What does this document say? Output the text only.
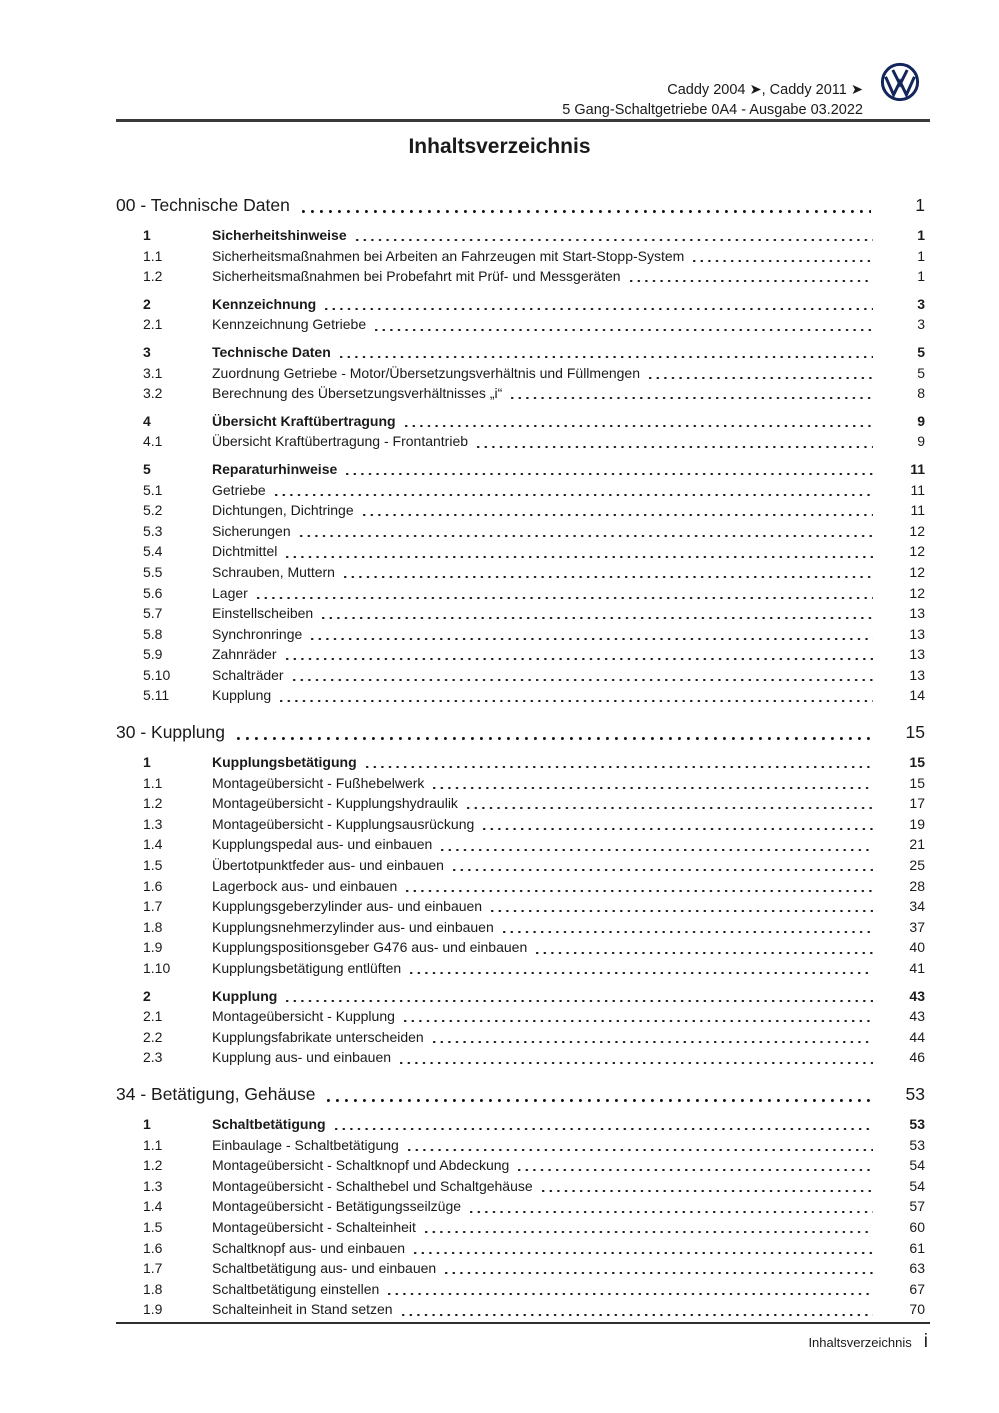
Caddy 2004 ➤, Caddy 2011 ➤
5 Gang-Schaltgetriebe 0A4 - Ausgabe 03.2022
Inhaltsverzeichnis
00 - Technische Daten	1
1	Sicherheitshinweise	1
1.1	Sicherheitsmaßnahmen bei Arbeiten an Fahrzeugen mit Start-Stopp-System	1
1.2	Sicherheitsmaßnahmen bei Probefahrt mit Prüf- und Messgeräten	1
2	Kennzeichnung	3
2.1	Kennzeichnung Getriebe	3
3	Technische Daten	5
3.1	Zuordnung Getriebe - Motor/Übersetzungsverhältnis und Füllmengen	5
3.2	Berechnung des Übersetzungsverhältnisses „i“	8
4	Übersicht Kraftübertragung	9
4.1	Übersicht Kraftübertragung - Frontantrieb	9
5	Reparaturhinweise	11
5.1	Getriebe	11
5.2	Dichtungen, Dichtringe	11
5.3	Sicherungen	12
5.4	Dichtmittel	12
5.5	Schrauben, Muttern	12
5.6	Lager	12
5.7	Einstellscheiben	13
5.8	Synchronringe	13
5.9	Zahnräder	13
5.10	Schalträder	13
5.11	Kupplung	14
30 - Kupplung	15
1	Kupplungsbetätigung	15
1.1	Montageübersicht - Fußhebelwerk	15
1.2	Montageübersicht - Kupplungshydraulik	17
1.3	Montageübersicht - Kupplungsausrückung	19
1.4	Kupplungspedal aus- und einbauen	21
1.5	Übertotpunktfeder aus- und einbauen	25
1.6	Lagerbock aus- und einbauen	28
1.7	Kupplungsgeberzylinder aus- und einbauen	34
1.8	Kupplungsnehmerzylinder aus- und einbauen	37
1.9	Kupplungspositionsgeber G476 aus- und einbauen	40
1.10	Kupplungsbetätigung entlüften	41
2	Kupplung	43
2.1	Montageübersicht - Kupplung	43
2.2	Kupplungsfabrikate unterscheiden	44
2.3	Kupplung aus- und einbauen	46
34 - Betätigung, Gehäuse	53
1	Schaltbetätigung	53
1.1	Einbaulage - Schaltbetätigung	53
1.2	Montageübersicht - Schaltknopf und Abdeckung	54
1.3	Montageübersicht - Schalthebel und Schaltgehäuse	54
1.4	Montageübersicht - Betätigungsseilzüge	57
1.5	Montageübersicht - Schalteinheit	60
1.6	Schaltknopf aus- und einbauen	61
1.7	Schaltbetätigung aus- und einbauen	63
1.8	Schaltbetätigung einstellen	67
1.9	Schalteinheit in Stand setzen	70
Inhaltsverzeichnis i
